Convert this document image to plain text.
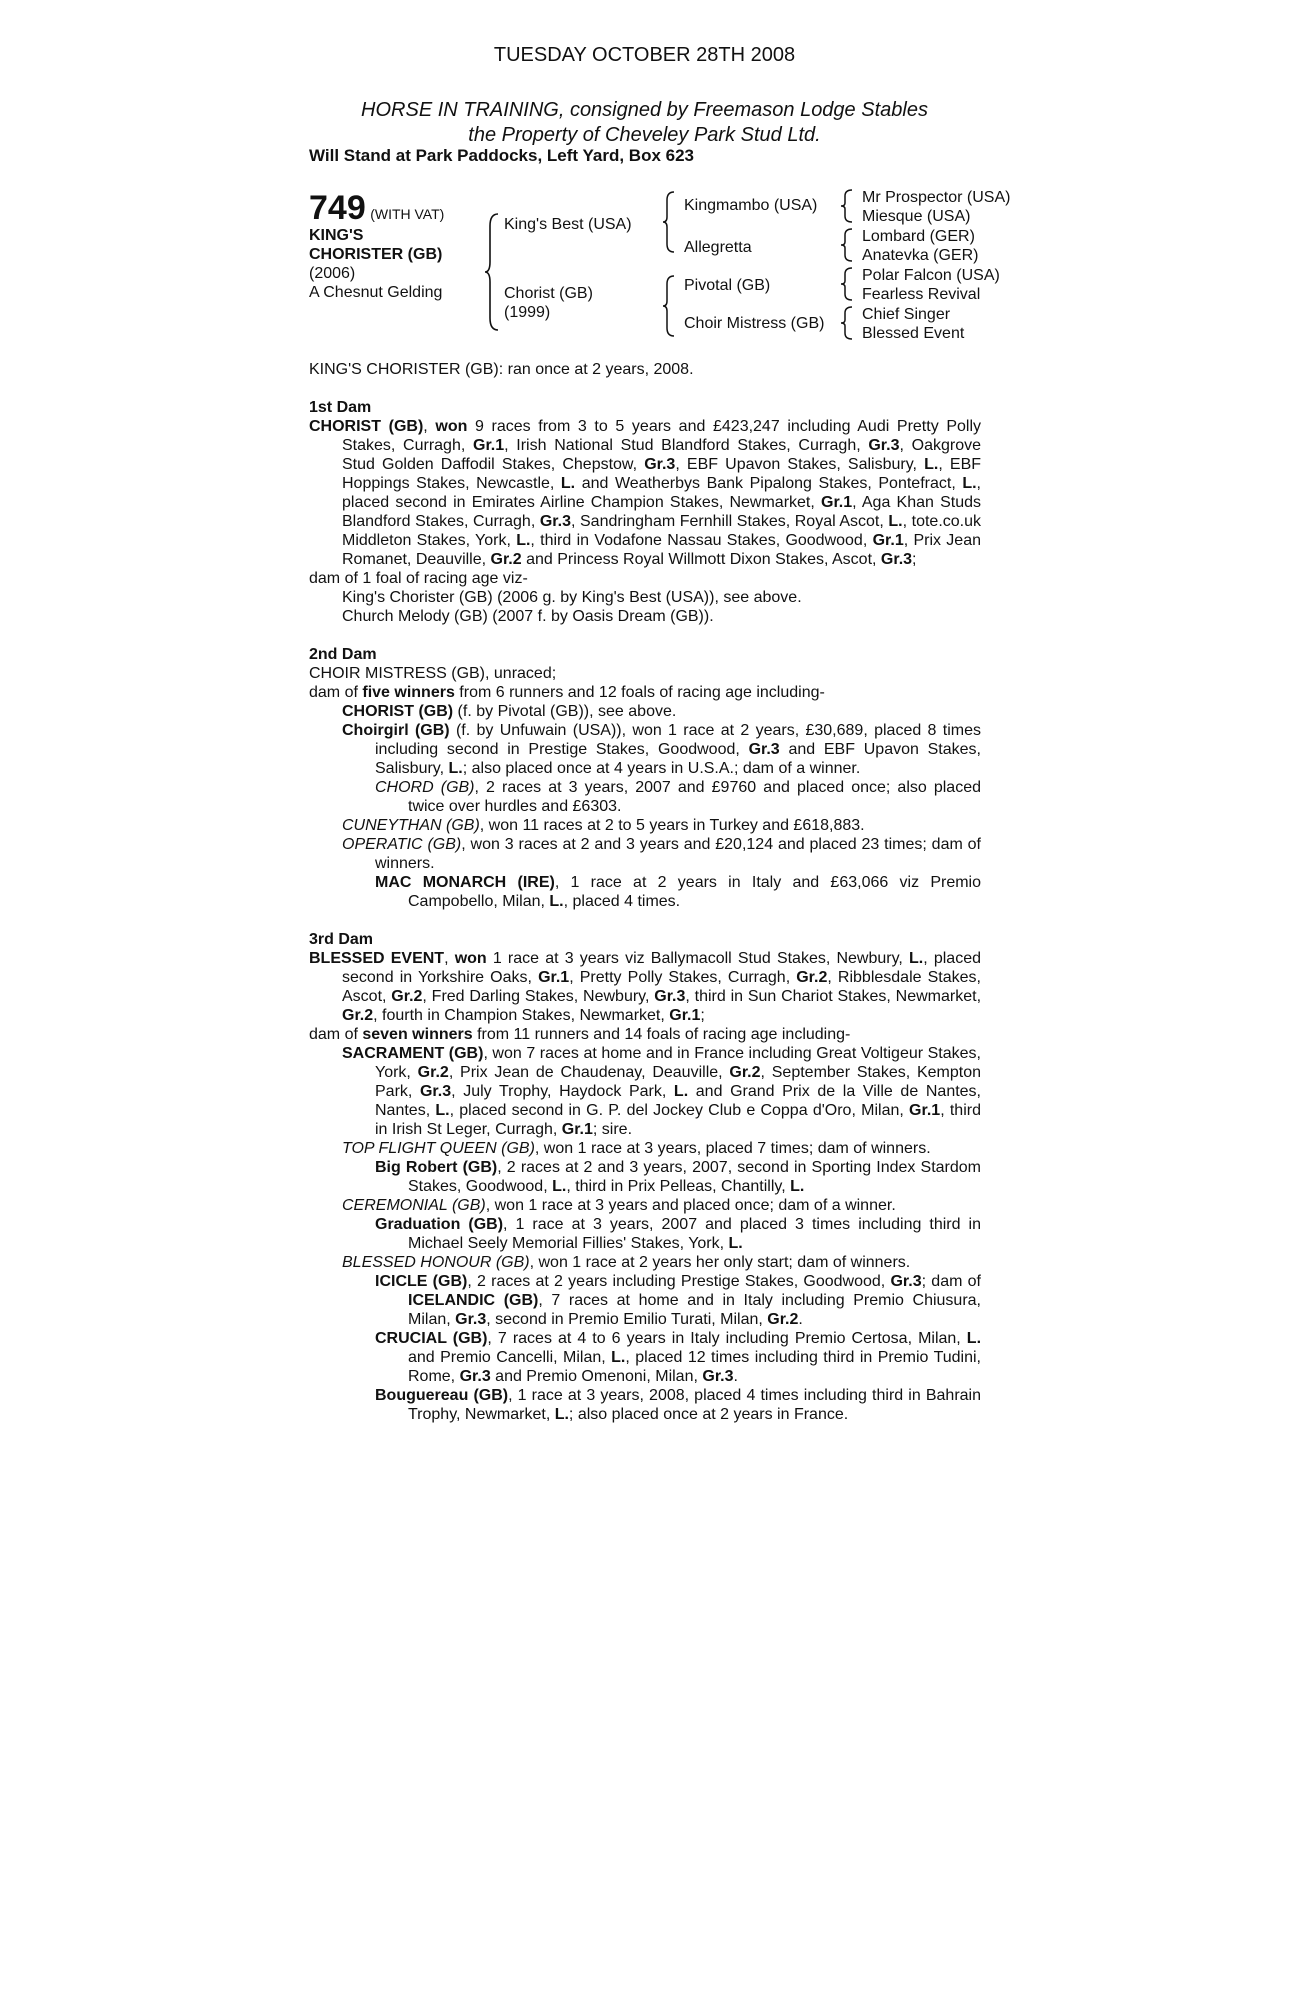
TUESDAY OCTOBER 28TH 2008
HORSE IN TRAINING, consigned by Freemason Lodge Stables
the Property of Cheveley Park Stud Ltd.
Will Stand at Park Paddocks, Left Yard, Box 623
749 (WITH VAT)
KING'S
CHORISTER (GB)
(2006)
A Chesnut Gelding
King's Best (USA)
Chorist (GB)
(1999)
Kingmambo (USA)
Allegretta
Pivotal (GB)
Choir Mistress (GB)
Mr Prospector (USA)
Miesque (USA)
Lombard (GER)
Anatevka (GER)
Polar Falcon (USA)
Fearless Revival
Chief Singer
Blessed Event

KING'S CHORISTER (GB): ran once at 2 years, 2008.

1st Dam

CHORIST (GB), won 9 races from 3 to 5 years and £423,247 including Audi Pretty Polly Stakes, Curragh, Gr.1, Irish National Stud Blandford Stakes, Curragh, Gr.3, Oakgrove Stud Golden Daffodil Stakes, Chepstow, Gr.3, EBF Upavon Stakes, Salisbury, L., EBF Hoppings Stakes, Newcastle, L. and Weatherbys Bank Pipalong Stakes, Pontefract, L., placed second in Emirates Airline Champion Stakes, Newmarket, Gr.1, Aga Khan Studs Blandford Stakes, Curragh, Gr.3, Sandringham Fernhill Stakes, Royal Ascot, L., tote.co.uk Middleton Stakes, York, L., third in Vodafone Nassau Stakes, Goodwood, Gr.1, Prix Jean Romanet, Deauville, Gr.2 and Princess Royal Willmott Dixon Stakes, Ascot, Gr.3;

dam of 1 foal of racing age viz-

King's Chorister (GB) (2006 g. by King's Best (USA)), see above.

Church Melody (GB) (2007 f. by Oasis Dream (GB)).

2nd Dam

CHOIR MISTRESS (GB), unraced;

dam of five winners from 6 runners and 12 foals of racing age including-

CHORIST (GB) (f. by Pivotal (GB)), see above.

Choirgirl (GB) (f. by Unfuwain (USA)), won 1 race at 2 years, £30,689, placed 8 times including second in Prestige Stakes, Goodwood, Gr.3 and EBF Upavon Stakes, Salisbury, L.; also placed once at 4 years in U.S.A.; dam of a winner.

CHORD (GB), 2 races at 3 years, 2007 and £9760 and placed once; also placed twice over hurdles and £6303.

CUNEYTHAN (GB), won 11 races at 2 to 5 years in Turkey and £618,883.

OPERATIC (GB), won 3 races at 2 and 3 years and £20,124 and placed 23 times; dam of winners.

MAC MONARCH (IRE), 1 race at 2 years in Italy and £63,066 viz Premio Campobello, Milan, L., placed 4 times.

3rd Dam

BLESSED EVENT, won 1 race at 3 years viz Ballymacoll Stud Stakes, Newbury, L., placed second in Yorkshire Oaks, Gr.1, Pretty Polly Stakes, Curragh, Gr.2, Ribblesdale Stakes, Ascot, Gr.2, Fred Darling Stakes, Newbury, Gr.3, third in Sun Chariot Stakes, Newmarket, Gr.2, fourth in Champion Stakes, Newmarket, Gr.1;

dam of seven winners from 11 runners and 14 foals of racing age including-

SACRAMENT (GB), won 7 races at home and in France including Great Voltigeur Stakes, York, Gr.2, Prix Jean de Chaudenay, Deauville, Gr.2, September Stakes, Kempton Park, Gr.3, July Trophy, Haydock Park, L. and Grand Prix de la Ville de Nantes, Nantes, L., placed second in G. P. del Jockey Club e Coppa d'Oro, Milan, Gr.1, third in Irish St Leger, Curragh, Gr.1; sire.

TOP FLIGHT QUEEN (GB), won 1 race at 3 years, placed 7 times; dam of winners.

Big Robert (GB), 2 races at 2 and 3 years, 2007, second in Sporting Index Stardom Stakes, Goodwood, L., third in Prix Pelleas, Chantilly, L.

CEREMONIAL (GB), won 1 race at 3 years and placed once; dam of a winner.

Graduation (GB), 1 race at 3 years, 2007 and placed 3 times including third in Michael Seely Memorial Fillies' Stakes, York, L.

BLESSED HONOUR (GB), won 1 race at 2 years her only start; dam of winners.

ICICLE (GB), 2 races at 2 years including Prestige Stakes, Goodwood, Gr.3; dam of ICELANDIC (GB), 7 races at home and in Italy including Premio Chiusura, Milan, Gr.3, second in Premio Emilio Turati, Milan, Gr.2.

CRUCIAL (GB), 7 races at 4 to 6 years in Italy including Premio Certosa, Milan, L. and Premio Cancelli, Milan, L., placed 12 times including third in Premio Tudini, Rome, Gr.3 and Premio Omenoni, Milan, Gr.3.

Bouguereau (GB), 1 race at 3 years, 2008, placed 4 times including third in Bahrain Trophy, Newmarket, L.; also placed once at 2 years in France.
